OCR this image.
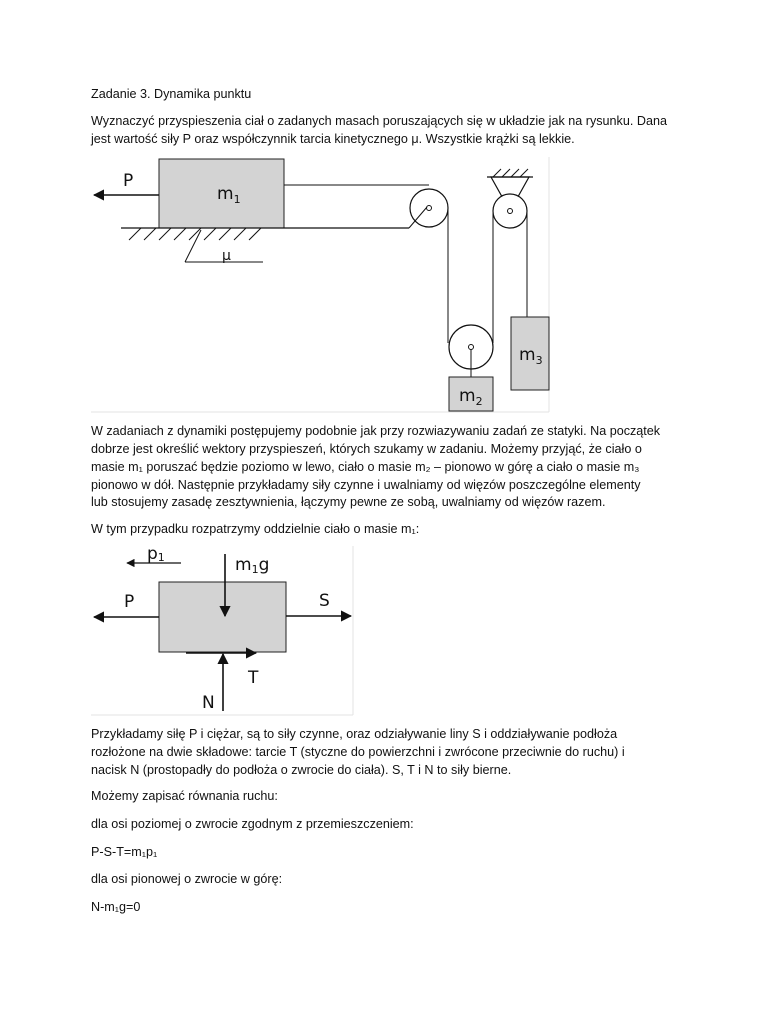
Zadanie 3. Dynamika punktu
Wyznaczyć przyspieszenia ciał o zadanych masach poruszających się w układzie jak na rysunku. Dana
jest wartość siły P oraz współczynnik tarcia kinetycznego μ. Wszystkie krążki są lekkie.
$m_1$
P
μ
$m_2$
$m_3$
W zadaniach z dynamiki postępujemy podobnie jak przy rozwiazywaniu zadań ze statyki. Na początek
dobrze jest określić wektory przyspieszeń, których szukamy w zadaniu. Możemy przyjąć, że ciało o
masie m₁ poruszać będzie poziomo w lewo, ciało o masie m₂ – pionowo w górę a ciało o masie m₃
pionowo w dół. Następnie przykładamy siły czynne i uwalniamy od więzów poszczególne elementy
lub stosujemy zasadę zesztywnienia, łączymy pewne ze sobą, uwalniamy od więzów razem.
W tym przypadku rozpatrzymy oddzielnie ciało o masie m₁:
p1	m1g
P	S
T
N
Przykładamy siłę P i ciężar, są to siły czynne, oraz odziaływanie liny S i oddziaływanie podłoża
rozłożone na dwie składowe: tarcie T (styczne do powierzchni i zwrócone przeciwnie do ruchu) i
nacisk N (prostopadły do podłoża o zwrocie do ciała). S, T i N to siły bierne.
Możemy zapisać równania ruchu:
dla osi poziomej o zwrocie zgodnym z przemieszczeniem:
P-S-T=m₁p₁
dla osi pionowej o zwrocie w górę:
N-m₁g=0
